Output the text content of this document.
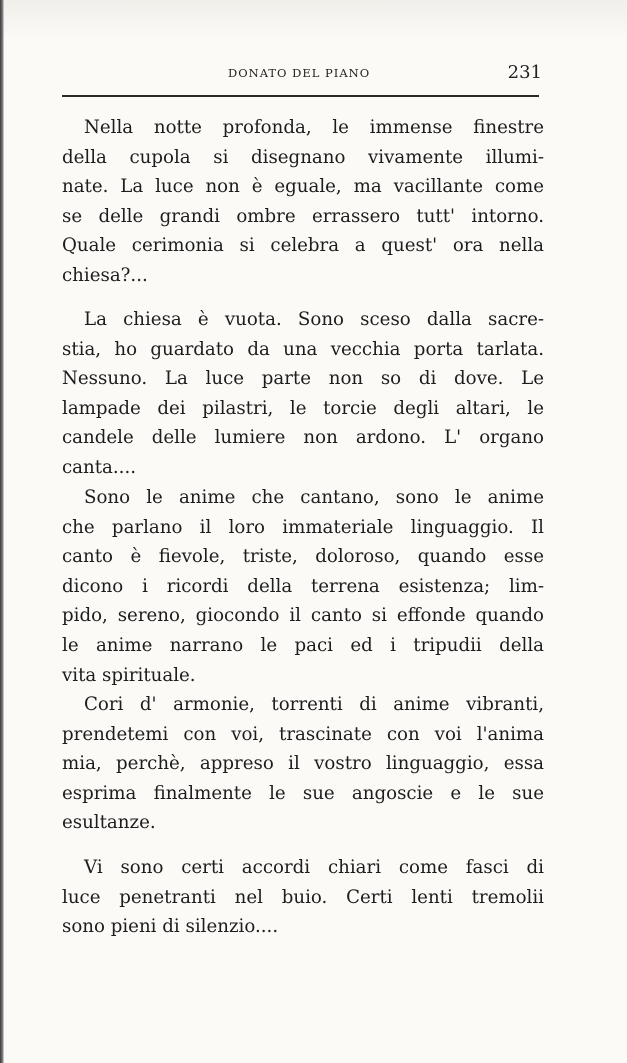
DONATO DEL PIANO	231
Nella notte profonda, le immense finestre
della cupola si disegnano vivamente illumi-
nate. La luce non è eguale, ma vacillante come
se delle grandi ombre errassero tutt' intorno.
Quale cerimonia si celebra a quest' ora nella
chiesa?...
La chiesa è vuota. Sono sceso dalla sacre-
stia, ho guardato da una vecchia porta tarlata.
Nessuno. La luce parte non so di dove. Le
lampade dei pilastri, le torcie degli altari, le
candele delle lumiere non ardono. L' organo
canta....
Sono le anime che cantano, sono le anime
che parlano il loro immateriale linguaggio. Il
canto è fievole, triste, doloroso, quando esse
dicono i ricordi della terrena esistenza; lim-
pido, sereno, giocondo il canto si effonde quando
le anime narrano le paci ed i tripudii della
vita spirituale.
Cori d' armonie, torrenti di anime vibranti,
prendetemi con voi, trascinate con voi l'anima
mia, perchè, appreso il vostro linguaggio, essa
esprima finalmente le sue angoscie e le sue
esultanze.
Vi sono certi accordi chiari come fasci di
luce penetranti nel buio. Certi lenti tremolii
sono pieni di silenzio....
